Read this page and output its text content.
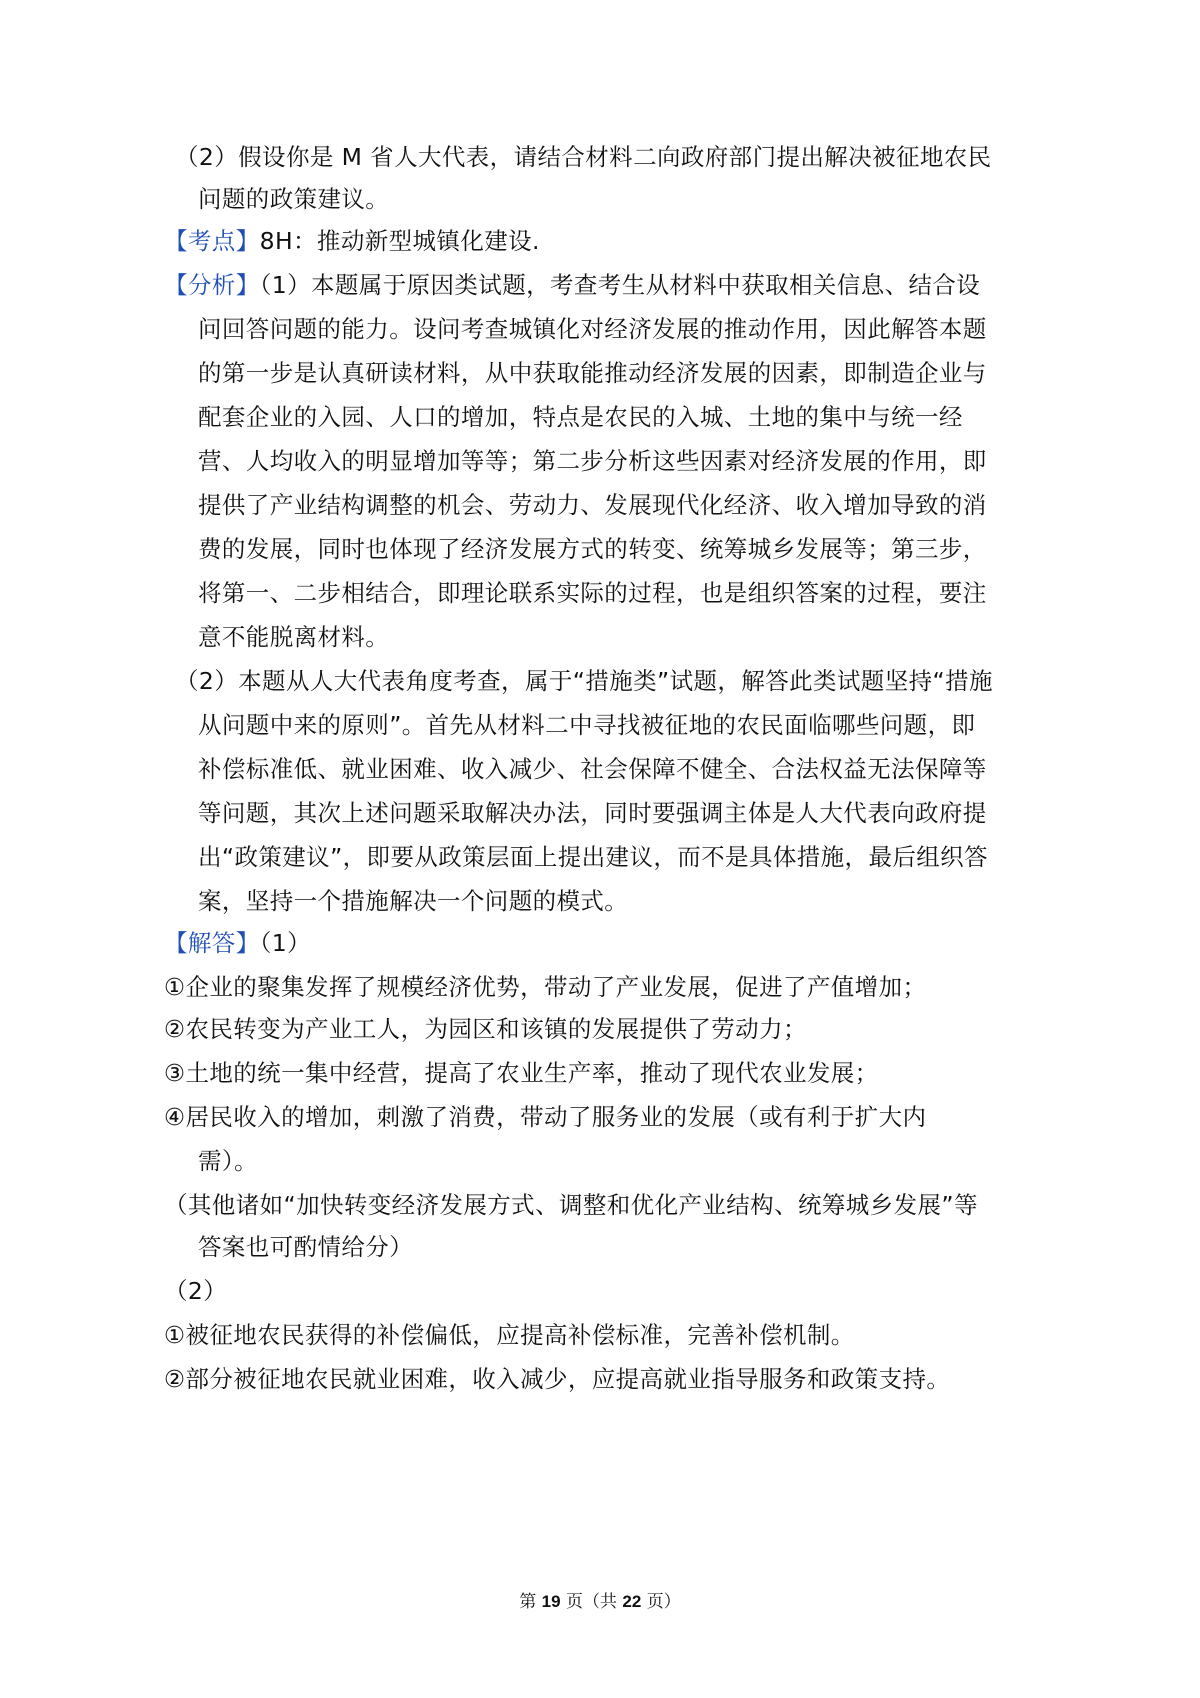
（2）假设你是 M 省人大代表，请结合材料二向政府部门提出解决被征地农民
问题的政策建议。
【考点】8H：推动新型城镇化建设.
【分析】（1）本题属于原因类试题，考查考生从材料中获取相关信息、结合设
问回答问题的能力。设问考查城镇化对经济发展的推动作用，因此解答本题
的第一步是认真研读材料，从中获取能推动经济发展的因素，即制造企业与
配套企业的入园、人口的增加，特点是农民的入城、土地的集中与统一经
营、人均收入的明显增加等等；第二步分析这些因素对经济发展的作用，即
提供了产业结构调整的机会、劳动力、发展现代化经济、收入增加导致的消
费的发展，同时也体现了经济发展方式的转变、统筹城乡发展等；第三步，
将第一、二步相结合，即理论联系实际的过程，也是组织答案的过程，要注
意不能脱离材料。
（2）本题从人大代表角度考查，属于“措施类”试题，解答此类试题坚持“措施
从问题中来的原则”。首先从材料二中寻找被征地的农民面临哪些问题，即
补偿标准低、就业困难、收入减少、社会保障不健全、合法权益无法保障等
等问题，其次上述问题采取解决办法，同时要强调主体是人大代表向政府提
出“政策建议”，即要从政策层面上提出建议，而不是具体措施，最后组织答
案，坚持一个措施解决一个问题的模式。
【解答】（1）
①企业的聚集发挥了规模经济优势，带动了产业发展，促进了产值增加；
②农民转变为产业工人，为园区和该镇的发展提供了劳动力；
③土地的统一集中经营，提高了农业生产率，推动了现代农业发展；
④居民收入的增加，刺激了消费，带动了服务业的发展（或有利于扩大内
需）。
（其他诸如“加快转变经济发展方式、调整和优化产业结构、统筹城乡发展”等
答案也可酌情给分）
（2）
①被征地农民获得的补偿偏低，应提高补偿标准，完善补偿机制。
②部分被征地农民就业困难，收入减少，应提高就业指导服务和政策支持。
第 19 页（共 22 页）
